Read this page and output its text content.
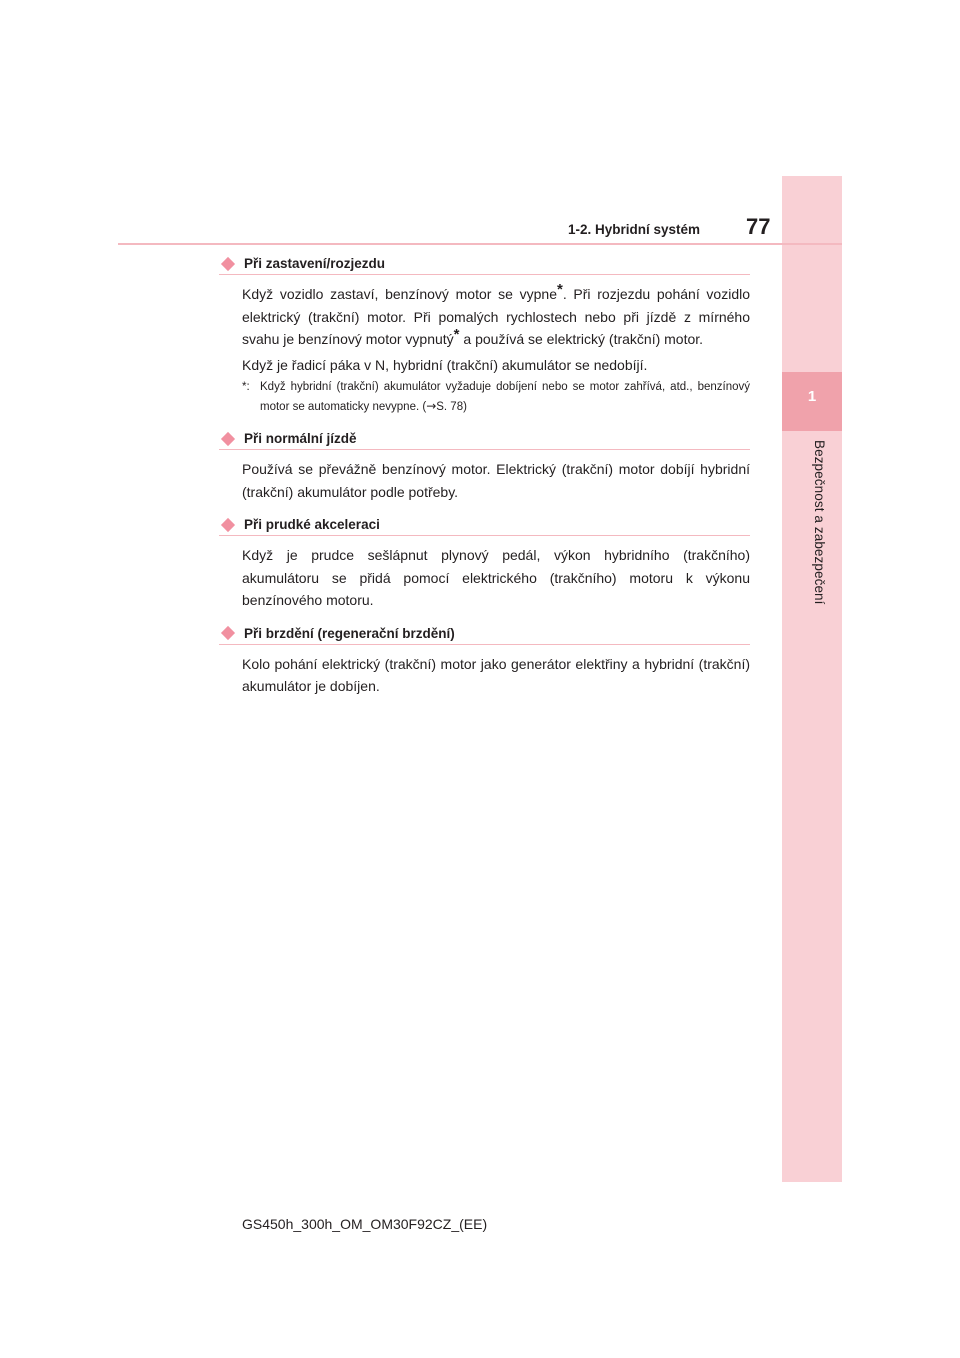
1
Bezpečnost a zabezpečení
1-2. Hybridní systém 77
Při zastavení/rozjezdu

Když vozidlo zastaví, benzínový motor se vypne*. Při rozjezdu pohání vozidlo elektrický (trakční) motor. Při pomalých rychlostech nebo při jízdě z mírného svahu je benzínový motor vypnutý* a používá se elektrický (trakční) motor.

Když je řadicí páka v N, hybridní (trakční) akumulátor se nedobíjí.

*: Když hybridní (trakční) akumulátor vyžaduje dobíjení nebo se motor zahřívá, atd., benzínový motor se automaticky nevypne. (→S. 78)
Při normální jízdě

Používá se převážně benzínový motor. Elektrický (trakční) motor dobíjí hybridní (trakční) akumulátor podle potřeby.

Při prudké akceleraci

Když je prudce sešlápnut plynový pedál, výkon hybridního (trakčního) akumulátoru se přidá pomocí elektrického (trakčního) motoru k výkonu benzínového motoru.

Při brzdění (regenerační brzdění)

Kolo pohání elektrický (trakční) motor jako generátor elektřiny a hybridní (trakční) akumulátor je dobíjen.

GS450h_300h_OM_OM30F92CZ_(EE)
